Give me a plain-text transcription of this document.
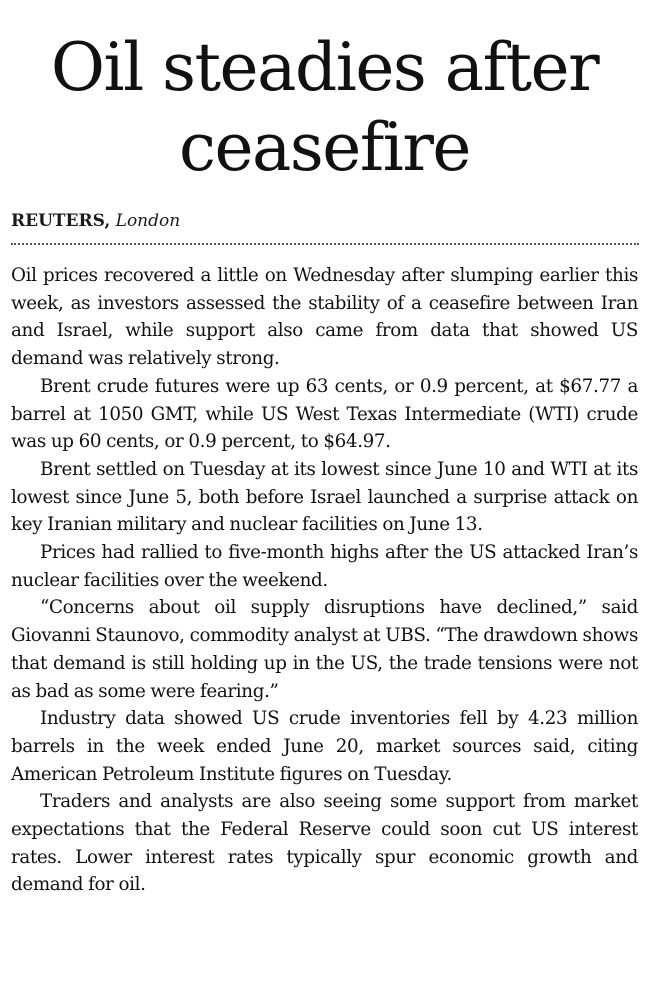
Oil steadies after ceasefire
REUTERS, London

Oil prices recovered a little on Wednesday after slumping earlier this week, as investors assessed the stability of a ceasefire between Iran and Israel, while support also came from data that showed US demand was relatively strong.

Brent crude futures were up 63 cents, or 0.9 percent, at $67.77 a barrel at 1050 GMT, while US West Texas Intermediate (WTI) crude was up 60 cents, or 0.9 percent, to $64.97.

Brent settled on Tuesday at its lowest since June 10 and WTI at its lowest since June 5, both before Israel launched a surprise attack on key Iranian military and nuclear facilities on June 13.

Prices had rallied to five-month highs after the US attacked Iran’s nuclear facilities over the weekend.

“Concerns about oil supply disruptions have declined,” said Giovanni Staunovo, commodity analyst at UBS. “The drawdown shows that demand is still holding up in the US, the trade tensions were not as bad as some were fearing.”

Industry data showed US crude inventories fell by 4.23 million barrels in the week ended June 20, market sources said, citing American Petroleum Institute figures on Tuesday.

Traders and analysts are also seeing some support from market expectations that the Federal Reserve could soon cut US interest rates. Lower interest rates typically spur economic growth and demand for oil.
